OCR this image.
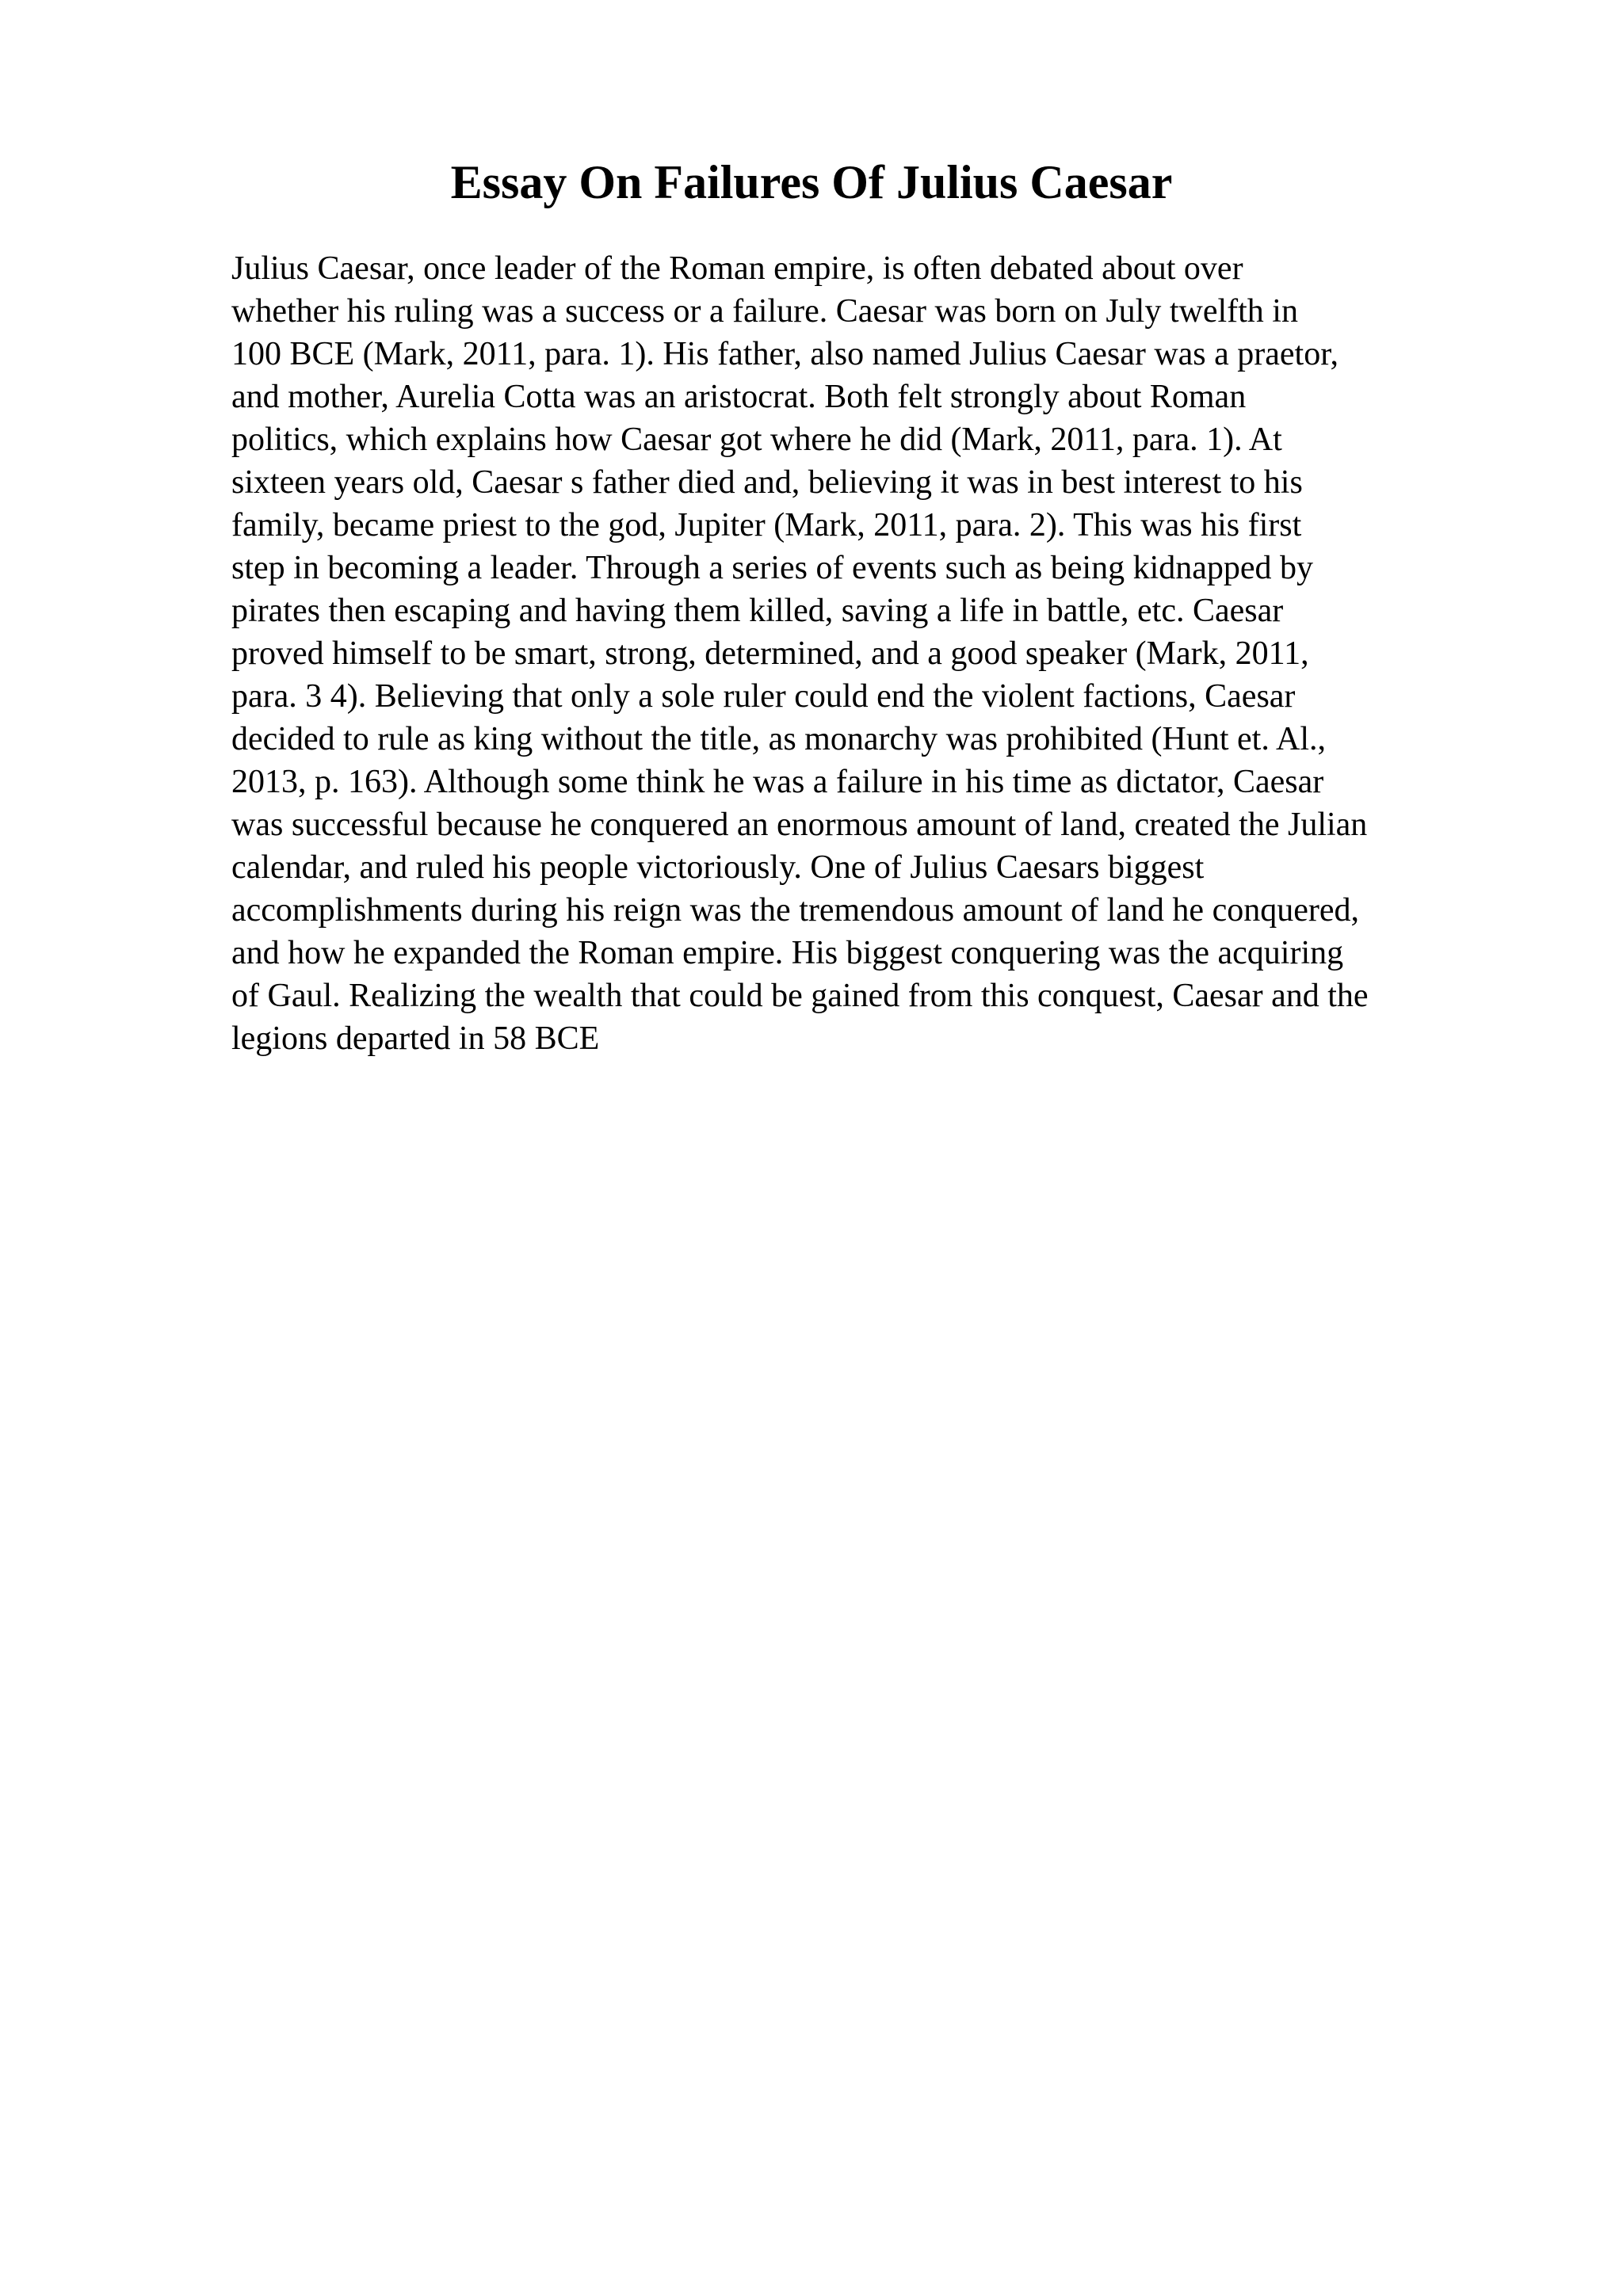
Essay On Failures Of Julius Caesar
Julius Caesar, once leader of the Roman empire, is often debated about over
whether his ruling was a success or a failure. Caesar was born on July twelfth in
100 BCE (Mark, 2011, para. 1). His father, also named Julius Caesar was a praetor,
and mother, Aurelia Cotta was an aristocrat. Both felt strongly about Roman
politics, which explains how Caesar got where he did (Mark, 2011, para. 1). At
sixteen years old, Caesar s father died and, believing it was in best interest to his
family, became priest to the god, Jupiter (Mark, 2011, para. 2). This was his first
step in becoming a leader. Through a series of events such as being kidnapped by
pirates then escaping and having them killed, saving a life in battle, etc. Caesar
proved himself to be smart, strong, determined, and a good speaker (Mark, 2011,
para. 3 4). Believing that only a sole ruler could end the violent factions, Caesar
decided to rule as king without the title, as monarchy was prohibited (Hunt et. Al.,
2013, p. 163). Although some think he was a failure in his time as dictator, Caesar
was successful because he conquered an enormous amount of land, created the Julian
calendar, and ruled his people victoriously. One of Julius Caesars biggest
accomplishments during his reign was the tremendous amount of land he conquered,
and how he expanded the Roman empire. His biggest conquering was the acquiring
of Gaul. Realizing the wealth that could be gained from this conquest, Caesar and the
legions departed in 58 BCE
